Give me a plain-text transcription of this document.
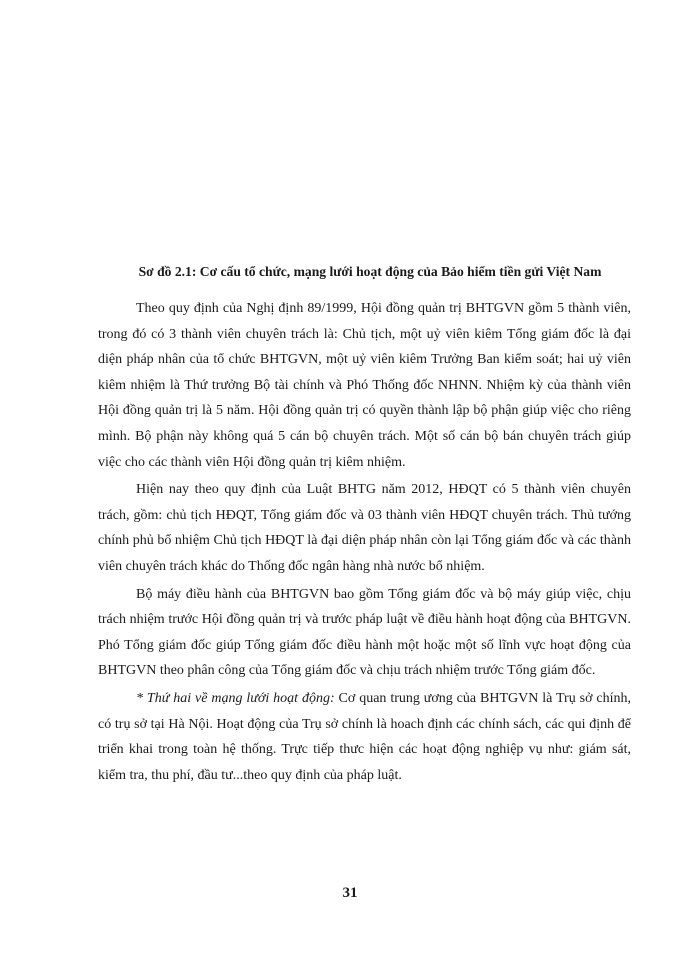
Sơ đồ 2.1: Cơ cấu tổ chức, mạng lưới hoạt động của Bảo hiểm tiền gửi Việt Nam

Theo quy định của Nghị định 89/1999, Hội đồng quản trị BHTGVN gồm 5 thành viên, trong đó có 3 thành viên chuyên trách là: Chủ tịch, một uỷ viên kiêm Tổng giám đốc là đại diện pháp nhân của tổ chức BHTGVN, một uỷ viên kiêm Trưởng Ban kiểm soát; hai uỷ viên kiêm nhiệm là Thứ trưởng Bộ tài chính và Phó Thống đốc NHNN. Nhiệm kỳ của thành viên Hội đồng quản trị là 5 năm. Hội đồng quản trị có quyền thành lập bộ phận giúp việc cho riêng mình. Bộ phận này không quá 5 cán bộ chuyên trách. Một số cán bộ bán chuyên trách giúp việc cho các thành viên Hội đồng quản trị kiêm nhiệm.

Hiện nay theo quy định của Luật BHTG năm 2012, HĐQT có 5 thành viên chuyên trách, gồm: chủ tịch HĐQT, Tổng giám đốc và 03 thành viên HĐQT chuyên trách. Thủ tướng chính phủ bổ nhiệm Chủ tịch HĐQT là đại diện pháp nhân còn lại Tổng giám đốc và các thành viên chuyên trách khác do Thống đốc ngân hàng nhà nước bổ nhiệm.

Bộ máy điều hành của BHTGVN bao gồm Tổng giám đốc và bộ máy giúp việc, chịu trách nhiệm trước Hội đồng quản trị và trước pháp luật về điều hành hoạt động của BHTGVN. Phó Tổng giám đốc giúp Tổng giám đốc điều hành một hoặc một số lĩnh vực hoạt động của BHTGVN theo phân công của Tổng giám đốc và chịu trách nhiệm trước Tổng giám đốc.

* Thứ hai về mạng lưới hoạt động: Cơ quan trung ương của BHTGVN là Trụ sở chính, có trụ sở tại Hà Nội. Hoạt động của Trụ sở chính là hoach định các chính sách, các qui định để triển khai trong toàn hệ thống. Trực tiếp thưc hiện các hoạt động nghiệp vụ như: giám sát, kiểm tra, thu phí, đầu tư...theo quy định của pháp luật.

31
